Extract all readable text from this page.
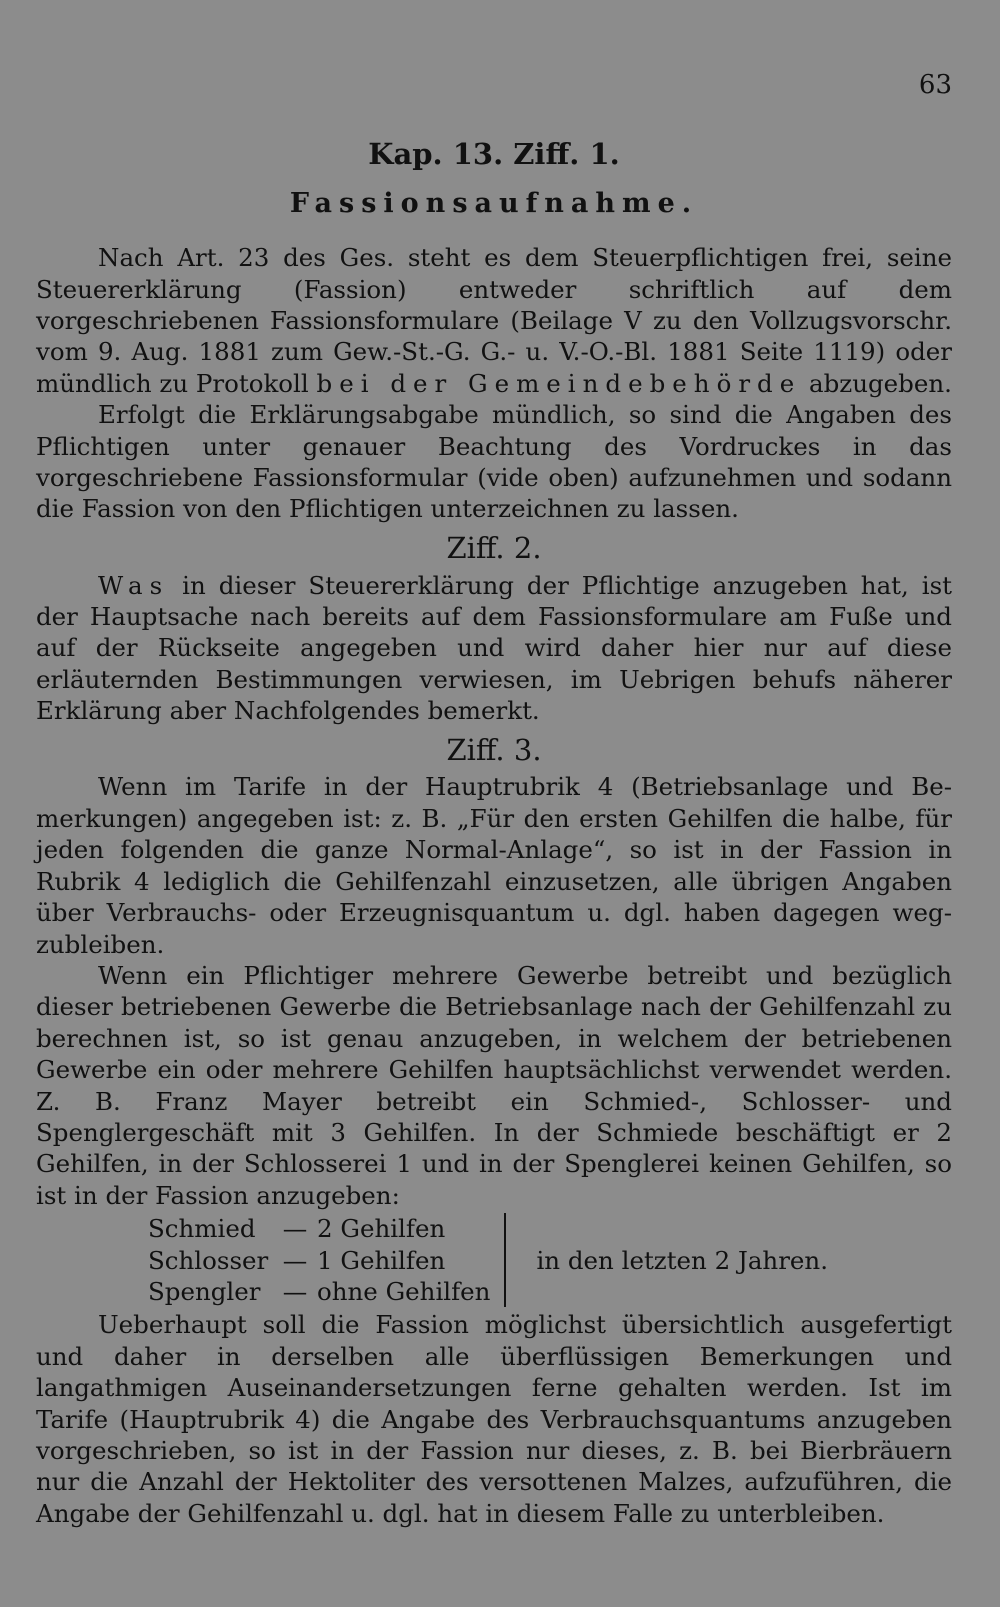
63
Kap. 13. Ziff. 1.
Fassionsaufnahme.

Nach Art. 23 des Ges. steht es dem Steuerpflichtigen frei, seine Steuererklärung (Fassion) entweder schriftlich auf dem vorgeschriebenen Fassionsformulare (Beilage V zu den Vollzugsvorschr. vom 9. Aug. 1881 zum Gew.-St.-G. G.- u. V.-O.-Bl. 1881 Seite 1119) oder mündlich zu Protokoll bei der Gemeindebehörde abzugeben.

Erfolgt die Erklärungsabgabe mündlich, so sind die Angaben des Pflichtigen unter genauer Beachtung des Vordruckes in das vorgeschriebene Fassionsformular (vide oben) aufzunehmen und sodann die Fassion von den Pflichtigen unterzeichnen zu lassen.

Ziff. 2.

Was in dieser Steuererklärung der Pflichtige anzugeben hat, ist der Hauptsache nach bereits auf dem Fassionsformulare am Fuße und auf der Rückseite angegeben und wird daher hier nur auf diese erläuternden Bestimmungen verwiesen, im Uebrigen behufs näherer Erklärung aber Nachfolgendes bemerkt.

Ziff. 3.

Wenn im Tarife in der Hauptrubrik 4 (Betriebsanlage und Bemerkungen) angegeben ist: z. B. „Für den ersten Gehilfen die halbe, für jeden folgenden die ganze Normal-Anlage“, so ist in der Fassion in Rubrik 4 lediglich die Gehilfenzahl einzusetzen, alle übrigen Angaben über Verbrauchs- oder Erzeugnisquantum u. dgl. haben dagegen wegzubleiben.

Wenn ein Pflichtiger mehrere Gewerbe betreibt und bezüglich dieser betriebenen Gewerbe die Betriebsanlage nach der Gehilfenzahl zu berechnen ist, so ist genau anzugeben, in welchem der betriebenen Gewerbe ein oder mehrere Gehilfen hauptsächlichst verwendet werden. Z. B. Franz Mayer betreibt ein Schmied-, Schlosser- und Spenglergeschäft mit 3 Gehilfen. In der Schmiede beschäftigt er 2 Gehilfen, in der Schlosserei 1 und in der Spenglerei keinen Gehilfen, so ist in der Fassion anzugeben:

Schmied	— 2 Gehilfen
Schlosser — 1 Gehilfen
Spengler — ohne Gehilfen
in den letzten 2 Jahren.

Ueberhaupt soll die Fassion möglichst übersichtlich ausgefertigt und daher in derselben alle überflüssigen Bemerkungen und langathmigen Auseinandersetzungen ferne gehalten werden. Ist im Tarife (Hauptrubrik 4) die Angabe des Verbrauchsquantums anzugeben vorgeschrieben, so ist in der Fassion nur dieses, z. B. bei Bierbräuern nur die Anzahl der Hektoliter des versottenen Malzes, aufzuführen, die Angabe der Gehilfenzahl u. dgl. hat in diesem Falle zu unterbleiben.
